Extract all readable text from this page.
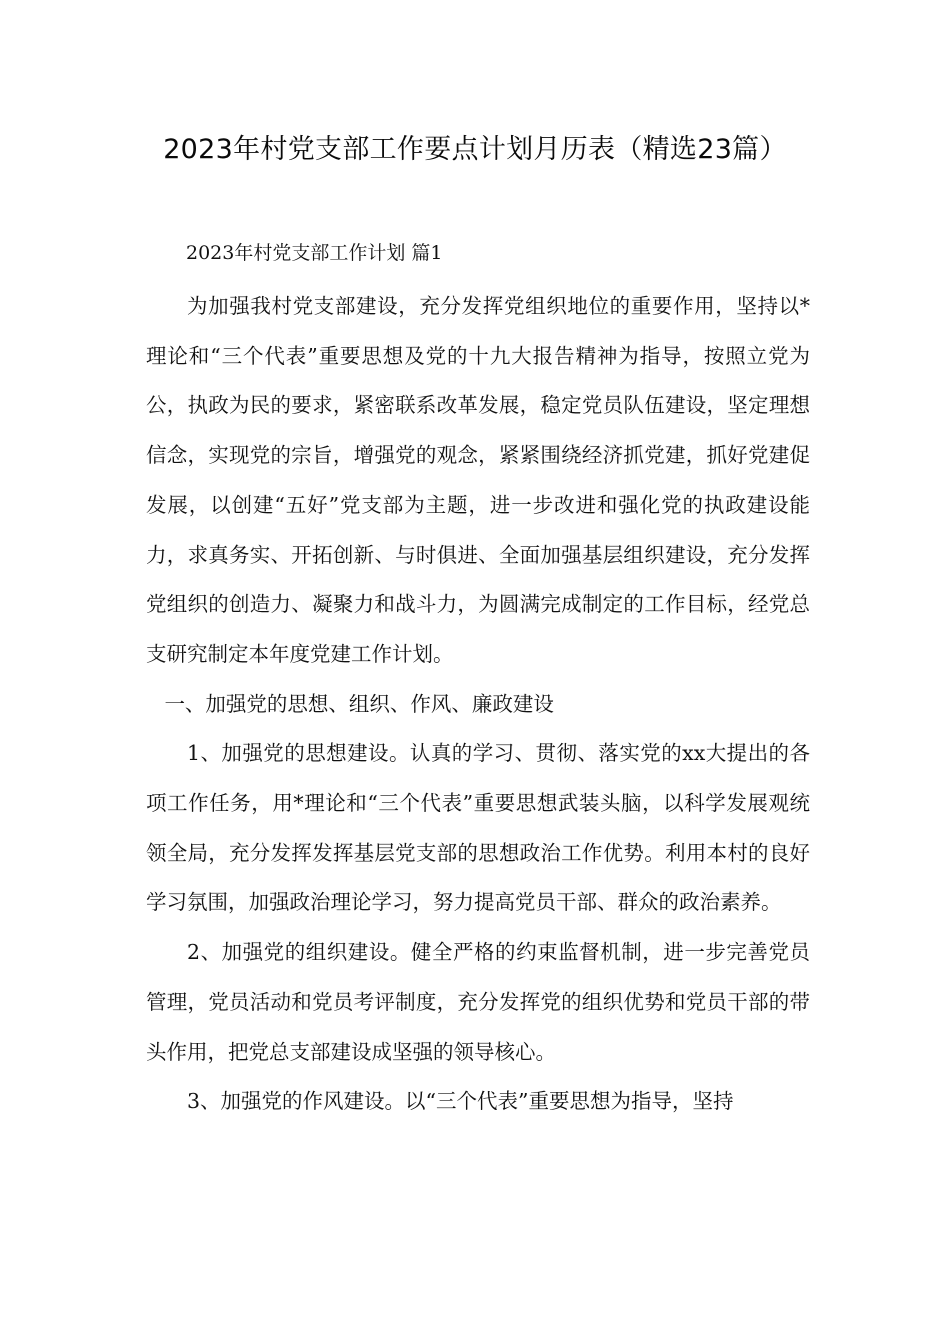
2023年村党支部工作要点计划月历表（精选23篇）

2023年村党支部工作计划 篇1

为加强我村党支部建设，充分发挥党组织地位的重要作用，坚持以*理论和“三个代表”重要思想及党的十九大报告精神为指导，按照立党为公，执政为民的要求，紧密联系改革发展，稳定党员队伍建设，坚定理想信念，实现党的宗旨，增强党的观念，紧紧围绕经济抓党建，抓好党建促发展，以创建“五好”党支部为主题，进一步改进和强化党的执政建设能力，求真务实、开拓创新、与时俱进、全面加强基层组织建设，充分发挥党组织的创造力、凝聚力和战斗力，为圆满完成制定的工作目标，经党总支研究制定本年度党建工作计划。

一、加强党的思想、组织、作风、廉政建设

1、加强党的思想建设。认真的学习、贯彻、落实党的xx大提出的各项工作任务，用*理论和“三个代表”重要思想武装头脑，以科学发展观统领全局，充分发挥发挥基层党支部的思想政治工作优势。利用本村的良好学习氛围，加强政治理论学习，努力提高党员干部、群众的政治素养。

2、加强党的组织建设。健全严格的约束监督机制，进一步完善党员管理，党员活动和党员考评制度，充分发挥党的组织优势和党员干部的带头作用，把党总支部建设成坚强的领导核心。

3、加强党的作风建设。以“三个代表”重要思想为指导，坚持
